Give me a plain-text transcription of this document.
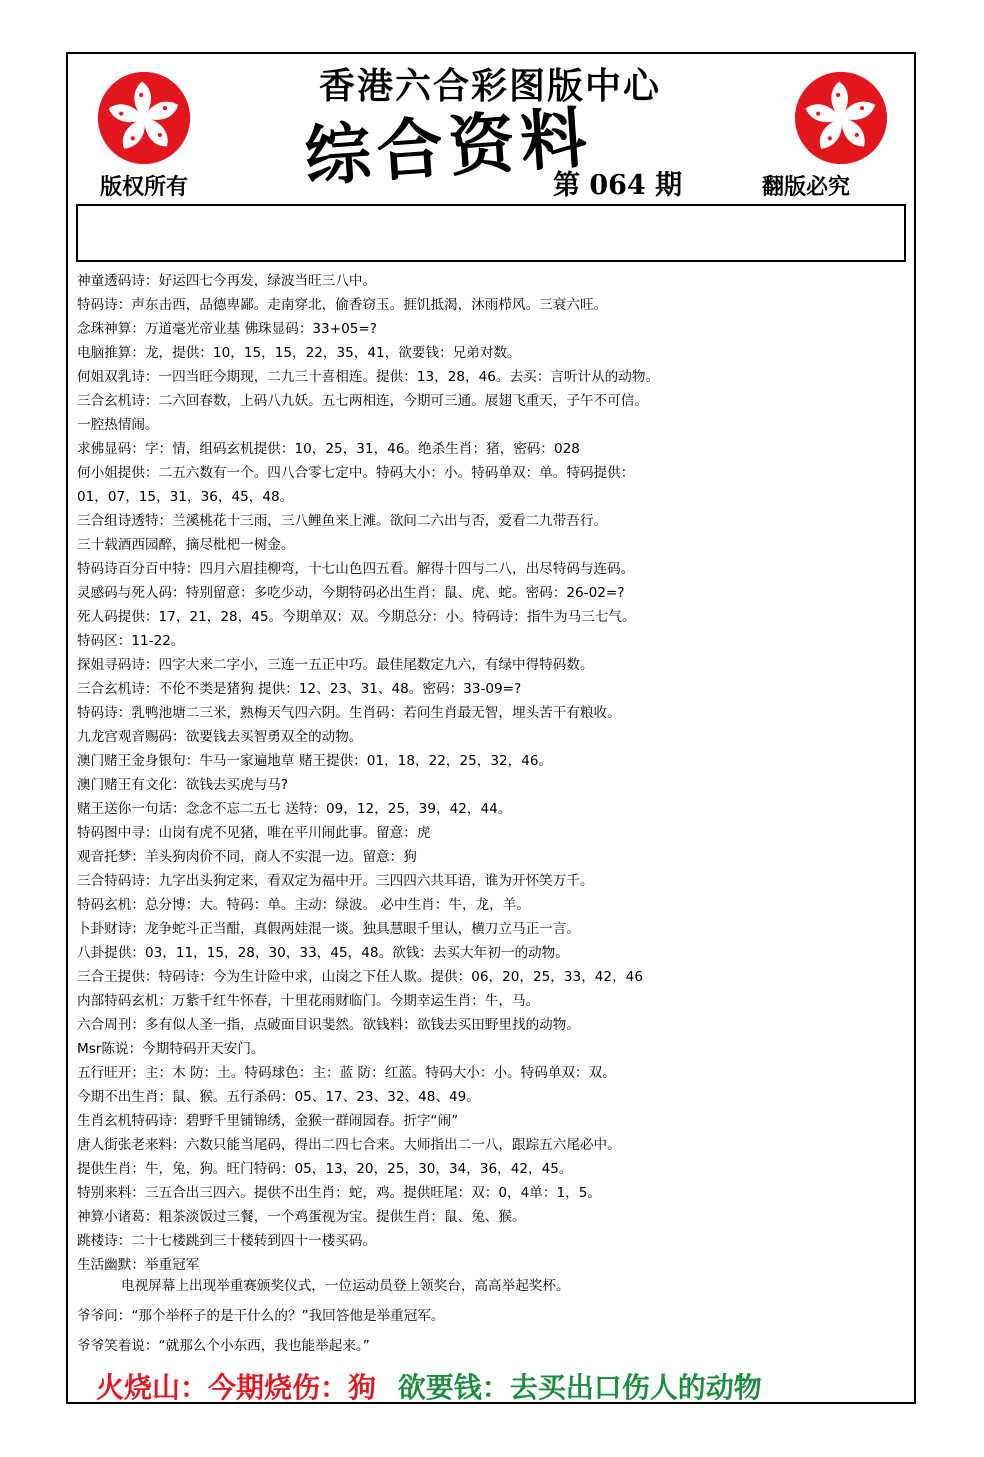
香港六合彩图版中心
综合资料
版权所有	第 064 期	翻版必究
神童透码诗：好运四七今再发，绿波当旺三八中。
特码诗：声东击西，品德卑鄙。走南穿北，偷香窃玉。捱饥抵渴，沐雨栉风。三衰六旺。
念珠神算：万道毫光帝业基 佛珠显码：33+05=?
电脑推算：龙，提供：10，15，15，22，35，41，欲要钱：兄弟对数。
何姐双乳诗：一四当旺今期现，二九三十喜相连。提供：13，28，46。去买：言听计从的动物。
三合玄机诗：二六回春数，上码八九妖。五七两相连，今期可三通。展翅飞重天，子午不可信。
一腔热情闹。
求佛显码：字：情，组码玄机提供：10，25，31，46。绝杀生肖：猪，密码：028
何小姐提供：二五六数有一个。四八合零七定中。特码大小：小。特码单双：单。特码提供：
01，07，15，31，36，45，48。
三合组诗透特：兰溪桃花十三雨，三八鲤鱼来上滩。欲问二六出与否，爱看二九带吾行。
三十载酒西园醉，摘尽枇杷一树金。
特码诗百分百中特：四月六眉挂柳弯，十七山色四五看。解得十四与二八，出尽特码与连码。
灵感码与死人码：特别留意：多吃少动，今期特码必出生肖：鼠、虎、蛇。密码：26-02=?
死人码提供：17，21，28，45。今期单双：双。今期总分：小。特码诗：指牛为马三七气。
特码区：11-22。
探姐寻码诗：四字大来二字小，三连一五正中巧。最佳尾数定九六，有绿中得特码数。
三合玄机诗：不伦不类是猪狗 提供：12、23、31、48。密码：33-09=?
特码诗：乳鸭池塘二三米，熟梅天气四六阴。生肖码：若问生肖最无智，埋头苦干有粮收。
九龙宫观音赐码：欲要钱去买智勇双全的动物。
澳门赌王金身银句：牛马一家遍地草 赌王提供：01，18，22，25，32，46。
澳门赌王有文化：欲钱去买虎与马?
赌王送你一句话：念念不忘二五七 送特：09，12，25，39，42，44。
特码图中寻：山岗有虎不见猪，唯在平川闹此事。留意：虎
观音托梦：羊头狗肉价不同，商人不实混一边。留意：狗
三合特码诗：九字出头狗定来，看双定为福中开。三四四六共耳语，谁为开怀笑万千。
特码玄机：总分博：大。特码：单。主动：绿波。 必中生肖：牛，龙，羊。
卜卦财诗：龙争蛇斗正当酣，真假两娃混一谈。独具慧眼千里认，横刀立马正一言。
八卦提供：03，11，15，28，30，33，45，48。欲钱：去买大年初一的动物。
三合王提供：特码诗：今为生计险中求，山岗之下任人欺。提供：06，20，25，33，42，46
内部特码玄机：万紫千红牛怀春，十里花雨财临门。今期幸运生肖：牛，马。
六合周刊：多有似人圣一指，点破面目识斐然。欲钱料：欲钱去买田野里找的动物。
Msr陈说：今期特码开天安门。
五行旺开：主：木 防：土。特码球色：主：蓝 防：红蓝。特码大小：小。特码单双：双。
今期不出生肖：鼠、猴。五行杀码：05、17、23、32、48、49。
生肖玄机特码诗：碧野千里铺锦绣，金猴一群闹园春。折字“闹”
唐人街张老来料：六数只能当尾码，得出二四七合来。大师指出二一八，跟踪五六尾必中。
提供生肖：牛，兔，狗。旺门特码：05，13，20，25，30，34，36，42，45。
特别来料：三五合出三四六。提供不出生肖：蛇，鸡。提供旺尾：双：0，4单：1，5。
神算小诸葛：粗茶淡饭过三餐，一个鸡蛋视为宝。提供生肖：鼠、兔、猴。
跳楼诗：二十七楼跳到三十楼转到四十一楼买码。
生活幽默：举重冠军
电视屏幕上出现举重赛颁奖仪式，一位运动员登上领奖台，高高举起奖杯。
爷爷问：“那个举杯子的是干什么的？”我回答他是举重冠军。
爷爷笑着说：“就那么个小东西，我也能举起来。”
火烧山：今期烧伤：狗 欲要钱：去买出口伤人的动物
